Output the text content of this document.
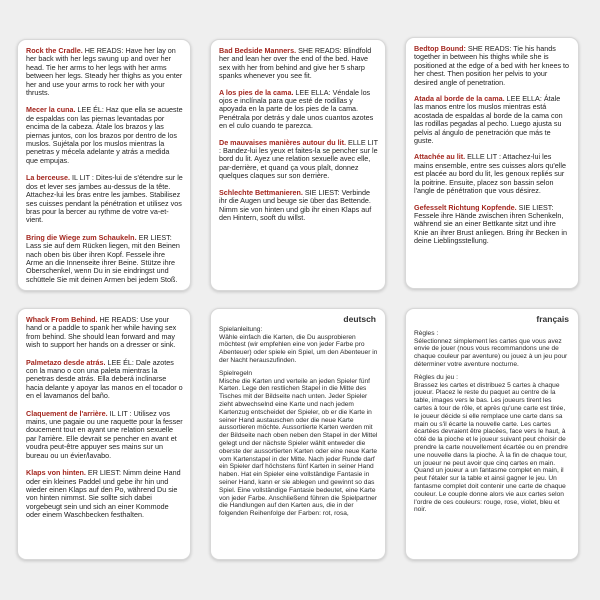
Rock the Cradle. HE READS: Have her lay on her back with her legs swung up and over her head. Tie her arms to her legs with her arms between her legs. Steady her thighs as you enter her and use your arms to rock her with your thrusts.
Mecer la cuna. LEE ÉL: Haz que ella se acueste de espaldas con las piernas levantadas por encima de la cabeza. Átale los brazos y las piernas juntos, con los brazos por dentro de los muslos. Sujétala por los muslos mientras la penetras y mécela adelante y atrás a medida que empujas.
La berceuse. IL LIT : Dites-lui de s'étendre sur le dos et lever ses jambes au-dessus de la tête. Attachez-lui les bras entre les jambes. Stabilisez ses cuisses pendant la pénétration et utilisez vos bras pour la bercer au rythme de votre va-et-vient.
Bring die Wiege zum Schaukeln. ER LIEST: Lass sie auf dem Rücken liegen, mit den Beinen nach oben bis über ihren Kopf. Fessele ihre Arme an die Innenseite ihrer Beine. Stütze ihre Oberschenkel, wenn Du in sie eindringst und schüttele Sie mit deinen Armen bei jedem Stoß.
Bad Bedside Manners. SHE READS: Blindfold her and lean her over the end of the bed. Have sex with her from behind and give her 5 sharp spanks whenever you see fit.
A los pies de la cama. LEE ELLA: Véndale los ojos e inclínala para que esté de rodillas y apoyada en la parte de los pies de la cama. Penétrala por detrás y dale unos cuantos azotes en el culo cuando te parezca.
De mauvaises manières autour du lit. ELLE LIT : Bandez-lui les yeux et faites-la se pencher sur le bord du lit. Ayez une relation sexuelle avec elle, par-derrière, et quand ça vous plaît, donnez quelques claques sur son derrière.
Schlechte Bettmanieren. SIE LIEST: Verbinde ihr die Augen und beuge sie über das Bettende. Nimm sie von hinten und gib ihr einen Klaps auf den Hintern, sooft du willst.
Bedtop Bound: SHE READS: Tie his hands together in between his thighs while she is positioned at the edge of a bed with her knees to her chest. Then position her pelvis to your desired angle of penetration.
Atada al borde de la cama. LEE ELLA: Átale las manos entre los muslos mientras está acostada de espaldas al borde de la cama con las rodillas pegadas al pecho. Luego ajusta su pelvis al ángulo de penetración que más te guste.
Attachée au lit. ELLE LIT : Attachez-lui les mains ensemble, entre ses cuisses alors qu'elle est placée au bord du lit, les genoux repliés sur la poitrine. Ensuite, placez son bassin selon l'angle de pénétration que vous désirez.
Gefesselt Richtung Kopfende. SIE LIEST: Fessele ihre Hände zwischen ihren Schenkeln, während sie an einer Bettkante sitzt und ihre Knie an ihrer Brust anliegen. Bring ihr Becken in deine Lieblingsstellung.
Whack From Behind. HE READS: Use your hand or a paddle to spank her while having sex from behind. She should lean forward and may wish to support her hands on a dresser or sink.
Palmetazo desde atrás. LEE ÉL: Dale azotes con la mano o con una paleta mientras la penetras desde atrás. Ella deberá inclinarse hacia delante y apoyar las manos en el tocador o en el lavamanos del baño.
Claquement de l'arrière. IL LIT : Utilisez vos mains, une pagaie ou une raquette pour la fesser doucement tout en ayant une relation sexuelle par l'arrière. Elle devrait se pencher en avant et voudra peut-être appuyer ses mains sur un bureau ou un évier/lavabo.
Klaps von hinten. ER LIEST: Nimm deine Hand oder ein kleines Paddel und gebe ihr hin und wieder einen Klaps auf den Po, während Du sie von hinten nimmst. Sie sollte sich dabei vorgebeugt sein und sich an einer Kommode oder einem Waschbecken festhalten.
deutsch
Spielanleitung:
Wähle einfach die Karten, die Du ausprobieren möchtest (wir empfehlen eine von jeder Farbe pro Abenteuer) oder spiele ein Spiel, um den Abenteuer in der Nacht herauszufinden.
Spielregeln
Mische die Karten und verteile an jeden Spieler fünf Karten. Lege den restlichen Stapel in die Mitte des Tisches mit der Bildseite nach unten. Jeder Spieler zieht abwechselnd eine Karte und nach jedem Kartenzug entscheidet der Spieler, ob er die Karte in seiner Hand austauschen oder die neue Karte aussortieren möchte. Aussortierte Karten werden mit der Bildseite nach oben neben den Stapel in der Mittel gelegt und der nächste Spieler wählt entweder die oberste der aussortierten Karten oder eine neue Karte vom Kartenstapel in der Mitte. Nach jeder Runde darf ein Spieler darf höchstens fünf Karten in seiner Hand haben. Hat ein Spieler eine vollständige Fantasie in seiner Hand, kann er sie ablegen und gewinnt so das Spiel. Eine vollständige Fantasie bedeutet, eine Karte von jeder Farbe. Anschließend führen die Spielpartner die Handlungen auf den Karten aus, die in der folgenden Reihenfolge der Farben: rot, rosa,
français
Règles :
Sélectionnez simplement les cartes que vous avez envie de jouer (nous vous recommandons une de chaque couleur par aventure) ou jouez à un jeu pour déterminer votre aventure nocturne.
Règles du jeu :
Brassez les cartes et distribuez 5 cartes à chaque joueur. Placez le reste du paquet au centre de la table, images vers le bas. Les joueurs tirent les cartes à tour de rôle, et après qu'une carte est tirée, le joueur décide si elle remplace une carte dans sa main ou s'il écarte la nouvelle carte. Les cartes écartées devraient être placées, face vers le haut, à côté de la pioche et le joueur suivant peut choisir de prendre la carte nouvellement écartée ou en prendre une nouvelle dans la pioche. À la fin de chaque tour, un joueur ne peut avoir que cinq cartes en main. Quand un joueur a un fantasme complet en main, il peut l'étaler sur la table et ainsi gagner le jeu. Un fantasme complet doit contenir une carte de chaque couleur. Le couple donne alors vie aux cartes selon l'ordre de ces couleurs: rouge, rose, violet, bleu et noir.
